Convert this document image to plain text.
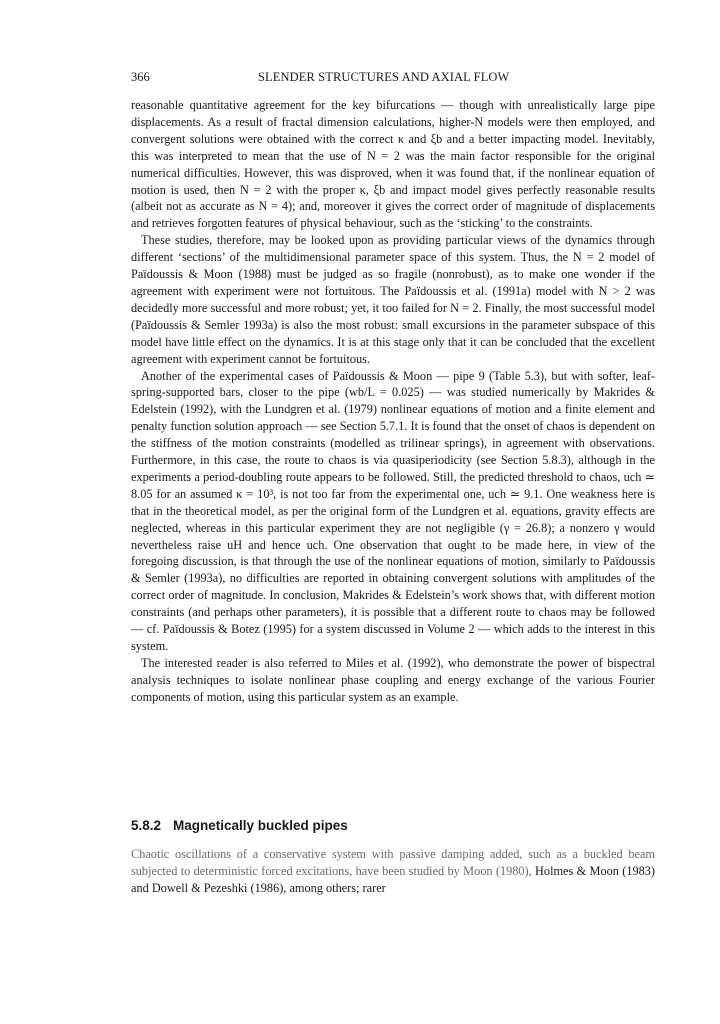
366	SLENDER STRUCTURES AND AXIAL FLOW

reasonable quantitative agreement for the key bifurcations — though with unrealistically large pipe displacements. As a result of fractal dimension calculations, higher-N models were then employed, and convergent solutions were obtained with the correct κ and ξb and a better impacting model. Inevitably, this was interpreted to mean that the use of N = 2 was the main factor responsible for the original numerical difficulties. However, this was disproved, when it was found that, if the nonlinear equation of motion is used, then N = 2 with the proper κ, ξb and impact model gives perfectly reasonable results (albeit not as accurate as N = 4); and, moreover it gives the correct order of magnitude of displacements and retrieves forgotten features of physical behaviour, such as the ‘sticking’ to the constraints.

These studies, therefore, may be looked upon as providing particular views of the dynamics through different ‘sections’ of the multidimensional parameter space of this system. Thus, the N = 2 model of Païdoussis & Moon (1988) must be judged as so fragile (nonrobust), as to make one wonder if the agreement with experiment were not fortuitous. The Païdoussis et al. (1991a) model with N > 2 was decidedly more successful and more robust; yet, it too failed for N = 2. Finally, the most successful model (Païdoussis & Semler 1993a) is also the most robust: small excursions in the parameter subspace of this model have little effect on the dynamics. It is at this stage only that it can be concluded that the excellent agreement with experiment cannot be fortuitous.

Another of the experimental cases of Païdoussis & Moon — pipe 9 (Table 5.3), but with softer, leaf-spring-supported bars, closer to the pipe (wb/L = 0.025) — was studied numerically by Makrides & Edelstein (1992), with the Lundgren et al. (1979) nonlinear equations of motion and a finite element and penalty function solution approach — see Section 5.7.1. It is found that the onset of chaos is dependent on the stiffness of the motion constraints (modelled as trilinear springs), in agreement with observations. Furthermore, in this case, the route to chaos is via quasiperiodicity (see Section 5.8.3), although in the experiments a period-doubling route appears to be followed. Still, the predicted threshold to chaos, uch ≃ 8.05 for an assumed κ = 10³, is not too far from the experimental one, uch ≃ 9.1. One weakness here is that in the theoretical model, as per the original form of the Lundgren et al. equations, gravity effects are neglected, whereas in this particular experiment they are not negligible (γ = 26.8); a nonzero γ would nevertheless raise uH and hence uch. One observation that ought to be made here, in view of the foregoing discussion, is that through the use of the nonlinear equations of motion, similarly to Païdoussis & Semler (1993a), no difficulties are reported in obtaining convergent solutions with amplitudes of the correct order of magnitude. In conclusion, Makrides & Edelstein’s work shows that, with different motion constraints (and perhaps other parameters), it is possible that a different route to chaos may be followed — cf. Païdoussis & Botez (1995) for a system discussed in Volume 2 — which adds to the interest in this system.

The interested reader is also referred to Miles et al. (1992), who demonstrate the power of bispectral analysis techniques to isolate nonlinear phase coupling and energy exchange of the various Fourier components of motion, using this particular system as an example.

5.8.2 Magnetically buckled pipes
Chaotic oscillations of a conservative system with passive damping added, such as a buckled beam subjected to deterministic forced excitations, have been studied by Moon (1980), Holmes & Moon (1983) and Dowell & Pezeshki (1986), among others; rarer
